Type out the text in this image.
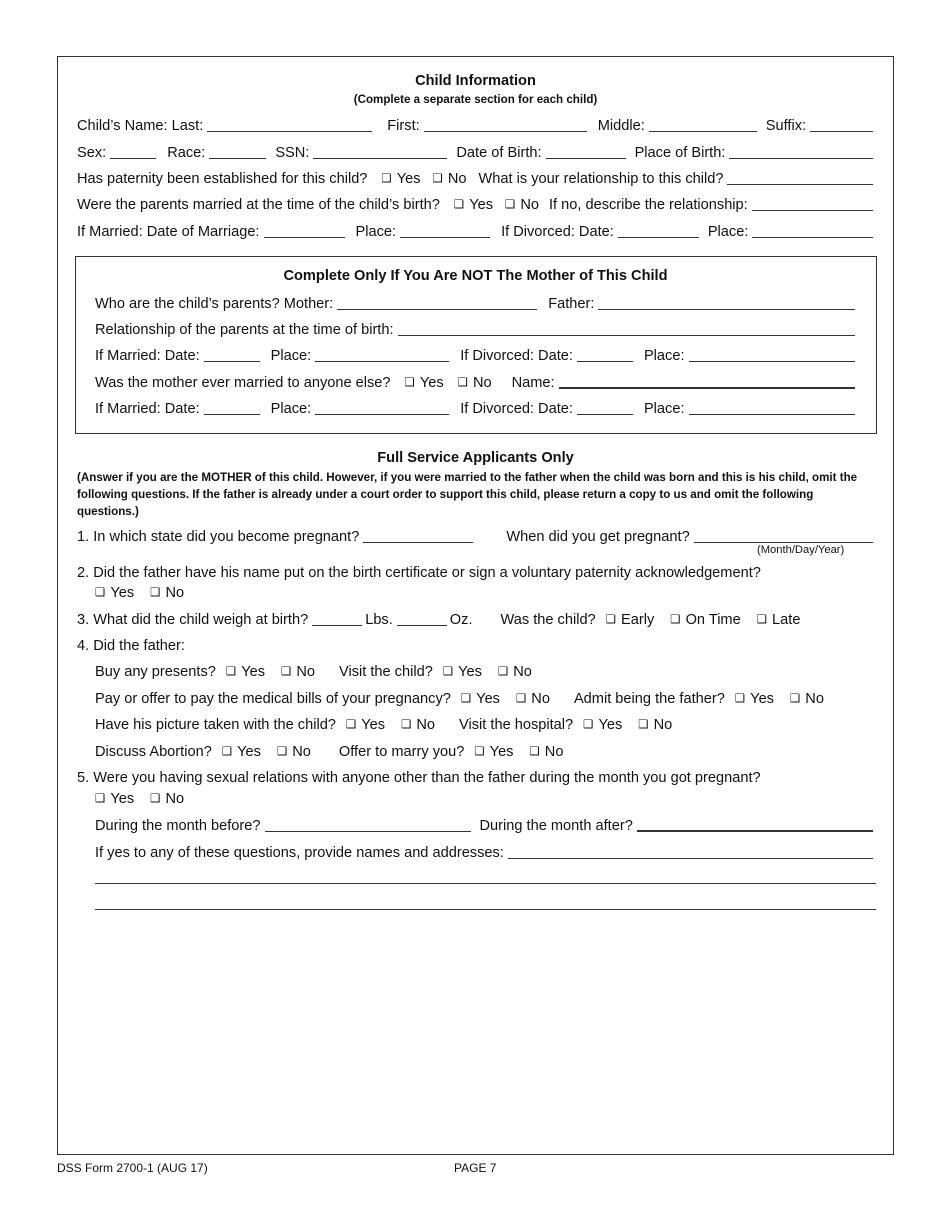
Child Information
(Complete a separate section for each child)
Child’s Name: Last:	First:	Middle:	Suffix:
Sex:	Race:	SSN:	Date of Birth:	Place of Birth:
Has paternity been established for this child? ❑ Yes ❑ No What is your relationship to this child?
Were the parents married at the time of the child’s birth? ❑ Yes ❑ No If no, describe the relationship:
If Married: Date of Marriage:	Place:	If Divorced: Date:	Place:
Complete Only If You Are NOT The Mother of This Child
Who are the child’s parents? Mother:	Father:
Relationship of the parents at the time of birth:
If Married: Date:	Place:	If Divorced: Date:	Place:
Was the mother ever married to anyone else? ❑ Yes ❑ No Name:
If Married: Date:	Place:	If Divorced: Date:	Place:
Full Service Applicants Only
(Answer if you are the MOTHER of this child. However, if you were married to the father when the child was born and this is his child, omit the following questions. If the father is already under a court order to support this child, please return a copy to us and omit the following questions.)
1. In which state did you become pregnant?	When did you get pregnant?
(Month/Day/Year)
2. Did the father have his name put on the birth certificate or sign a voluntary paternity acknowledgement?
❑ Yes ❑ No
3. What did the child weigh at birth?	Lbs.	Oz. Was the child? ❑ Early ❑ On Time ❑ Late
4. Did the father:
Buy any presents? ❑ Yes ❑ No Visit the child? ❑ Yes ❑ No
Pay or offer to pay the medical bills of your pregnancy? ❑ Yes ❑ No Admit being the father? ❑ Yes ❑ No
Have his picture taken with the child? ❑ Yes ❑ No Visit the hospital? ❑ Yes ❑ No
Discuss Abortion? ❑ Yes ❑ No Offer to marry you? ❑ Yes ❑ No
5. Were you having sexual relations with anyone other than the father during the month you got pregnant?
❑ Yes ❑ No
During the month before?	During the month after?
If yes to any of these questions, provide names and addresses:
DSS Form 2700-1 (AUG 17)	PAGE 7
